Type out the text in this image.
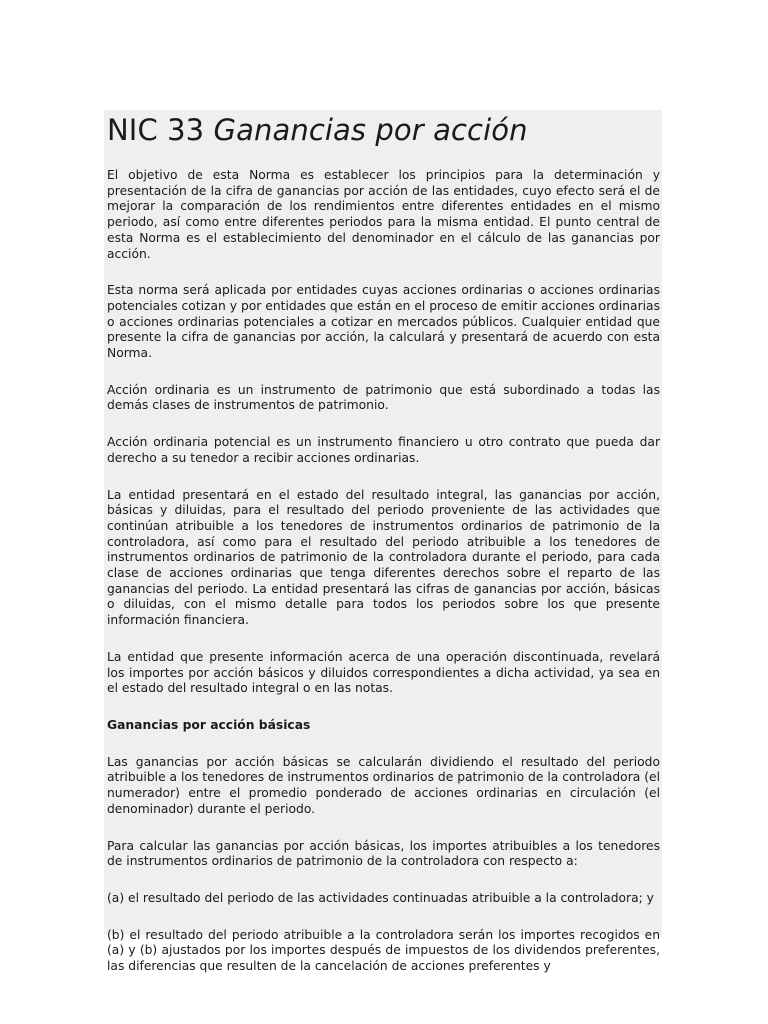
NIC 33 Ganancias por acción

El objetivo de esta Norma es establecer los principios para la determinación y presentación de la cifra de ganancias por acción de las entidades, cuyo efecto será el de mejorar la comparación de los rendimientos entre diferentes entidades en el mismo periodo, así como entre diferentes periodos para la misma entidad. El punto central de esta Norma es el establecimiento del denominador en el cálculo de las ganancias por acción.

Esta norma será aplicada por entidades cuyas acciones ordinarias o acciones ordinarias potenciales cotizan y por entidades que están en el proceso de emitir acciones ordinarias o acciones ordinarias potenciales a cotizar en mercados públicos. Cualquier entidad que presente la cifra de ganancias por acción, la calculará y presentará de acuerdo con esta Norma.

Acción ordinaria es un instrumento de patrimonio que está subordinado a todas las demás clases de instrumentos de patrimonio.

Acción ordinaria potencial es un instrumento financiero u otro contrato que pueda dar derecho a su tenedor a recibir acciones ordinarias.

La entidad presentará en el estado del resultado integral, las ganancias por acción, básicas y diluidas, para el resultado del periodo proveniente de las actividades que continúan atribuible a los tenedores de instrumentos ordinarios de patrimonio de la controladora, así como para el resultado del periodo atribuible a los tenedores de instrumentos ordinarios de patrimonio de la controladora durante el periodo, para cada clase de acciones ordinarias que tenga diferentes derechos sobre el reparto de las ganancias del periodo. La entidad presentará las cifras de ganancias por acción, básicas o diluidas, con el mismo detalle para todos los periodos sobre los que presente información financiera.

La entidad que presente información acerca de una operación discontinuada, revelará los importes por acción básicos y diluidos correspondientes a dicha actividad, ya sea en el estado del resultado integral o en las notas.

Ganancias por acción básicas

Las ganancias por acción básicas se calcularán dividiendo el resultado del periodo atribuible a los tenedores de instrumentos ordinarios de patrimonio de la controladora (el numerador) entre el promedio ponderado de acciones ordinarias en circulación (el denominador) durante el periodo.

Para calcular las ganancias por acción básicas, los importes atribuibles a los tenedores de instrumentos ordinarios de patrimonio de la controladora con respecto a:

(a) el resultado del periodo de las actividades continuadas atribuible a la controladora; y

(b) el resultado del periodo atribuible a la controladora serán los importes recogidos en (a) y (b) ajustados por los importes después de impuestos de los dividendos preferentes, las diferencias que resulten de la cancelación de acciones preferentes y
